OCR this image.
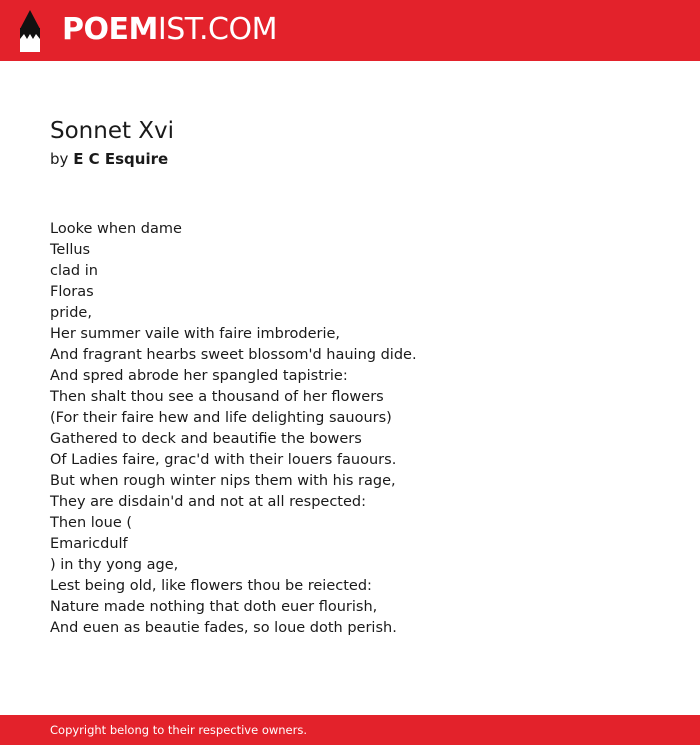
POEMIST.COM
Sonnet Xvi
by E C Esquire
Looke when dame
Tellus
clad in
Floras
pride,
Her summer vaile with faire imbroderie,
And fragrant hearbs sweet blossom'd hauing dide.
And spred abrode her spangled tapistrie:
Then shalt thou see a thousand of her flowers
(For their faire hew and life delighting sauours)
Gathered to deck and beautifie the bowers
Of Ladies faire, grac'd with their louers fauours.
But when rough winter nips them with his rage,
They are disdain'd and not at all respected:
Then loue (
Emaricdulf
) in thy yong age,
Lest being old, like flowers thou be reiected:
Nature made nothing that doth euer flourish,
And euen as beautie fades, so loue doth perish.
Copyright belong to their respective owners.
